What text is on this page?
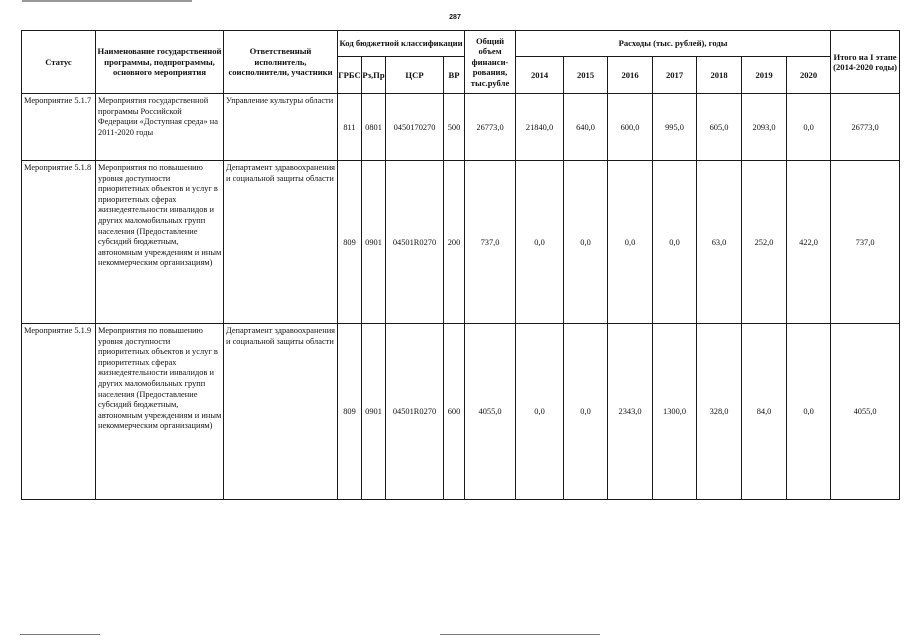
287
Статус	Наименование государственной программы, подпрограммы, основного мероприятия	Ответственный исполнитель, соисполнители, участники	Код бюджетной классификации				Общий объем финанси-рования, тыс.рубле	Расходы (тыс. рублей), годы							Итого на I этапе (2014-2020 годы)
			ГРБС	Рз,Пр	ЦСР	ВР		2014	2015	2016	2017	2018	2019	2020	
Мероприятие 5.1.7	Мероприятия государственной программы Российской Федерации «Доступная среда» на 2011-2020 годы	Управление культуры области	811	0801	0450170270	500	26773,0	21840,0	640,0	600,0	995,0	605,0	2093,0	0,0	26773,0
Мероприятие 5.1.8	Мероприятия по повышению уровня доступности приоритетных объектов и услуг в приоритетных сферах жизнедеятельности инвалидов и других маломобильных групп населения (Предоставление субсидий бюджетным, автономным учреждениям и иным некоммерческим организациям)	Департамент здравоохранения и социальной защиты области	809	0901	04501R0270	200	737,0	0,0	0,0	0,0	0,0	63,0	252,0	422,0	737,0
Мероприятие 5.1.9	Мероприятия по повышению уровня доступности приоритетных объектов и услуг в приоритетных сферах жизнедеятельности инвалидов и других маломобильных групп населения (Предоставление субсидий бюджетным, автономным учреждениям и иным некоммерческим организациям)	Департамент здравоохранения и социальной защиты области	809	0901	04501R0270	600	4055,0	0,0	0,0	2343,0	1300,0	328,0	84,0	0,0	4055,0
